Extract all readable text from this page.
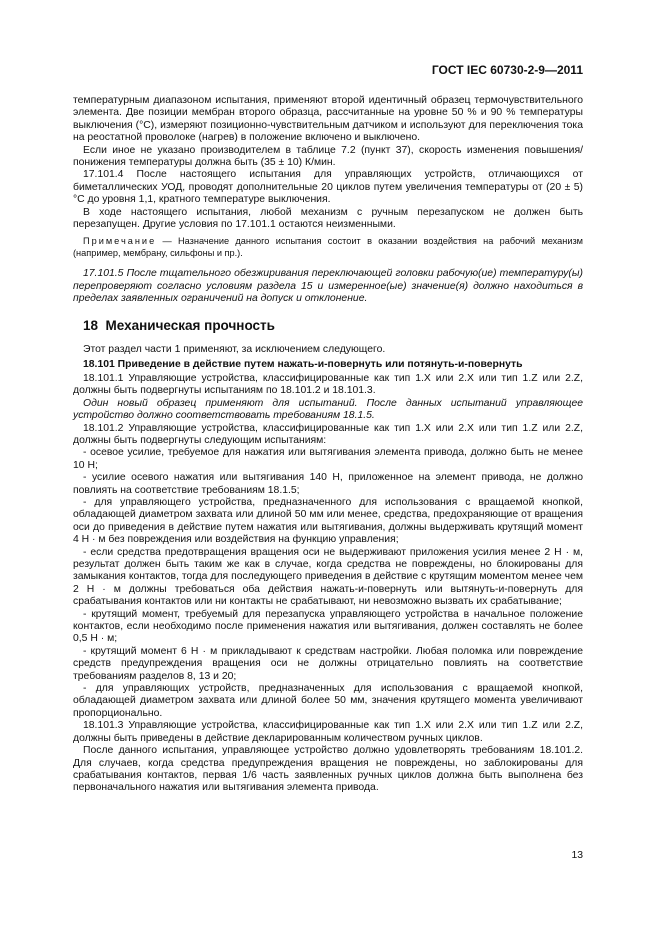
ГОСТ IEC 60730-2-9—2011

температурным диапазоном испытания, применяют второй идентичный образец термочувствительного элемента. Две позиции мембран второго образца, рассчитанные на уровне 50 % и 90 % температуры выключения (°С), измеряют позиционно-чувствительным датчиком и используют для переключения тока на реостатной проволоке (нагрев) в положение включено и выключено.

Если иное не указано производителем в таблице 7.2 (пункт 37), скорость изменения повышения/понижения температуры должна быть (35 ± 10) К/мин.

17.101.4 После настоящего испытания для управляющих устройств, отличающихся от биметаллических УОД, проводят дополнительные 20 циклов путем увеличения температуры от (20 ± 5) °С до уровня 1,1, кратного температуре выключения.

В ходе настоящего испытания, любой механизм с ручным перезапуском не должен быть перезапущен. Другие условия по 17.101.1 остаются неизменными.

Примечание — Назначение данного испытания состоит в оказании воздействия на рабочий механизм (например, мембрану, сильфоны и пр.).

17.101.5 После тщательного обезжиривания переключающей головки рабочую(ие) температуру(ы) перепроверяют согласно условиям раздела 15 и измеренное(ые) значение(я) должно находиться в пределах заявленных ограничений на допуск и отклонение.

18 Механическая прочность

Этот раздел части 1 применяют, за исключением следующего.

18.101 Приведение в действие путем нажать-и-повернуть или потянуть-и-повернуть

18.101.1 Управляющие устройства, классифицированные как тип 1.X или 2.X или тип 1.Z или 2.Z, должны быть подвергнуты испытаниям по 18.101.2 и 18.101.3.

Один новый образец применяют для испытаний. После данных испытаний управляющее устройство должно соответствовать требованиям 18.1.5.

18.101.2 Управляющие устройства, классифицированные как тип 1.X или 2.X или тип 1.Z или 2.Z, должны быть подвергнуты следующим испытаниям:

- осевое усилие, требуемое для нажатия или вытягивания элемента привода, должно быть не менее 10 Н;

- усилие осевого нажатия или вытягивания 140 Н, приложенное на элемент привода, не должно повлиять на соответствие требованиям 18.1.5;

- для управляющего устройства, предназначенного для использования с вращаемой кнопкой, обладающей диаметром захвата или длиной 50 мм или менее, средства, предохраняющие от вращения оси до приведения в действие путем нажатия или вытягивания, должны выдерживать крутящий момент 4 Н · м без повреждения или воздействия на функцию управления;

- если средства предотвращения вращения оси не выдерживают приложения усилия менее 2 Н · м, результат должен быть таким же как в случае, когда средства не повреждены, но блокированы для замыкания контактов, тогда для последующего приведения в действие с крутящим моментом менее чем 2 Н · м должны требоваться оба действия нажать-и-повернуть или вытянуть-и-повернуть для срабатывания контактов или ни контакты не срабатывают, ни невозможно вызвать их срабатывание;

- крутящий момент, требуемый для перезапуска управляющего устройства в начальное положение контактов, если необходимо после применения нажатия или вытягивания, должен составлять не более 0,5 Н · м;

- крутящий момент 6 Н · м прикладывают к средствам настройки. Любая поломка или повреждение средств предупреждения вращения оси не должны отрицательно повлиять на соответствие требованиям разделов 8, 13 и 20;

- для управляющих устройств, предназначенных для использования с вращаемой кнопкой, обладающей диаметром захвата или длиной более 50 мм, значения крутящего момента увеличивают пропорционально.

18.101.3 Управляющие устройства, классифицированные как тип 1.X или 2.X или тип 1.Z или 2.Z, должны быть приведены в действие декларированным количеством ручных циклов.

После данного испытания, управляющее устройство должно удовлетворять требованиям 18.101.2. Для случаев, когда средства предупреждения вращения не повреждены, но заблокированы для срабатывания контактов, первая 1/6 часть заявленных ручных циклов должна быть выполнена без первоначального нажатия или вытягивания элемента привода.

13
